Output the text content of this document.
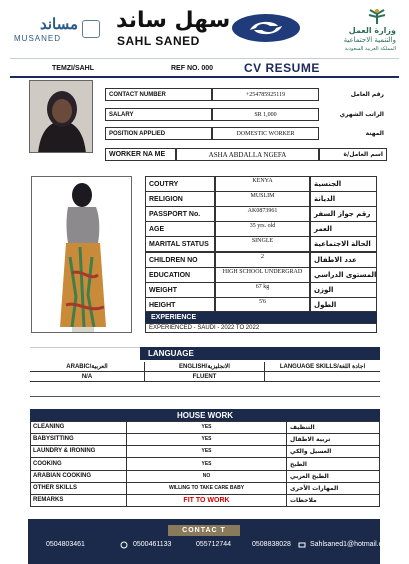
مساند
MUSANED
سهل ساند
SAHL SANED
وزارة العمل
والتنمية الاجتماعية
المملكة العربية السعودية
TEMZI/SAHL	REF NO. 000	CV RESUME
CONTACT NUMBER	+254785925119	رقم العامل
SALARY	SR 1,000	الراتب الشهري
POSITION APPLIED	DOMESTIC WORKER	المهنة
WORKER NA ME	ASHA ABDALLA NGEFA	اسم العامل/ة
COUTRY	KENYA	الجنسية
RELIGION	MUSLIM	الديانة
PASSPORT No.	AK0873961	رقم جواز السفر
AGE	35 yrs. old	العمر
MARITAL STATUS	SINGLE	الحالة الاجتماعية
CHILDREN NO	2	عدد الاطفال
EDUCATION	HIGH SCHOOL UNDERGRAD	المستوى الدراسي
WEIGHT	67 kg	الوزن
HEIGHT	5'6	الطول
EXPERIENCE
EXPERIENCED - SAUDI - 2022 TO 2022
LANGUAGE
ARABIC/العربية	ENGLISH/الانجليزية	LANGUAGE SKILLS/اجادة اللغة
N/A	FLUENT
HOUSE WORK
CLEANING	YES	التنظيف
BABYSITTING	YES	تربية الاطفال
LAUNDRY & IRONING	YES	الغسيل والكي
COOKING	YES	الطبخ
ARABIAN COOKING	NO	الطبخ العربي
OTHER SKILLS	WILLING TO TAKE CARE BABY	المهارات الأخرى
REMARKS	FIT TO WORK	ملاحظات
CONTAC T
0504803461	0500461133	055712744	0508838028	Sahlsaned1@hotmail.com
